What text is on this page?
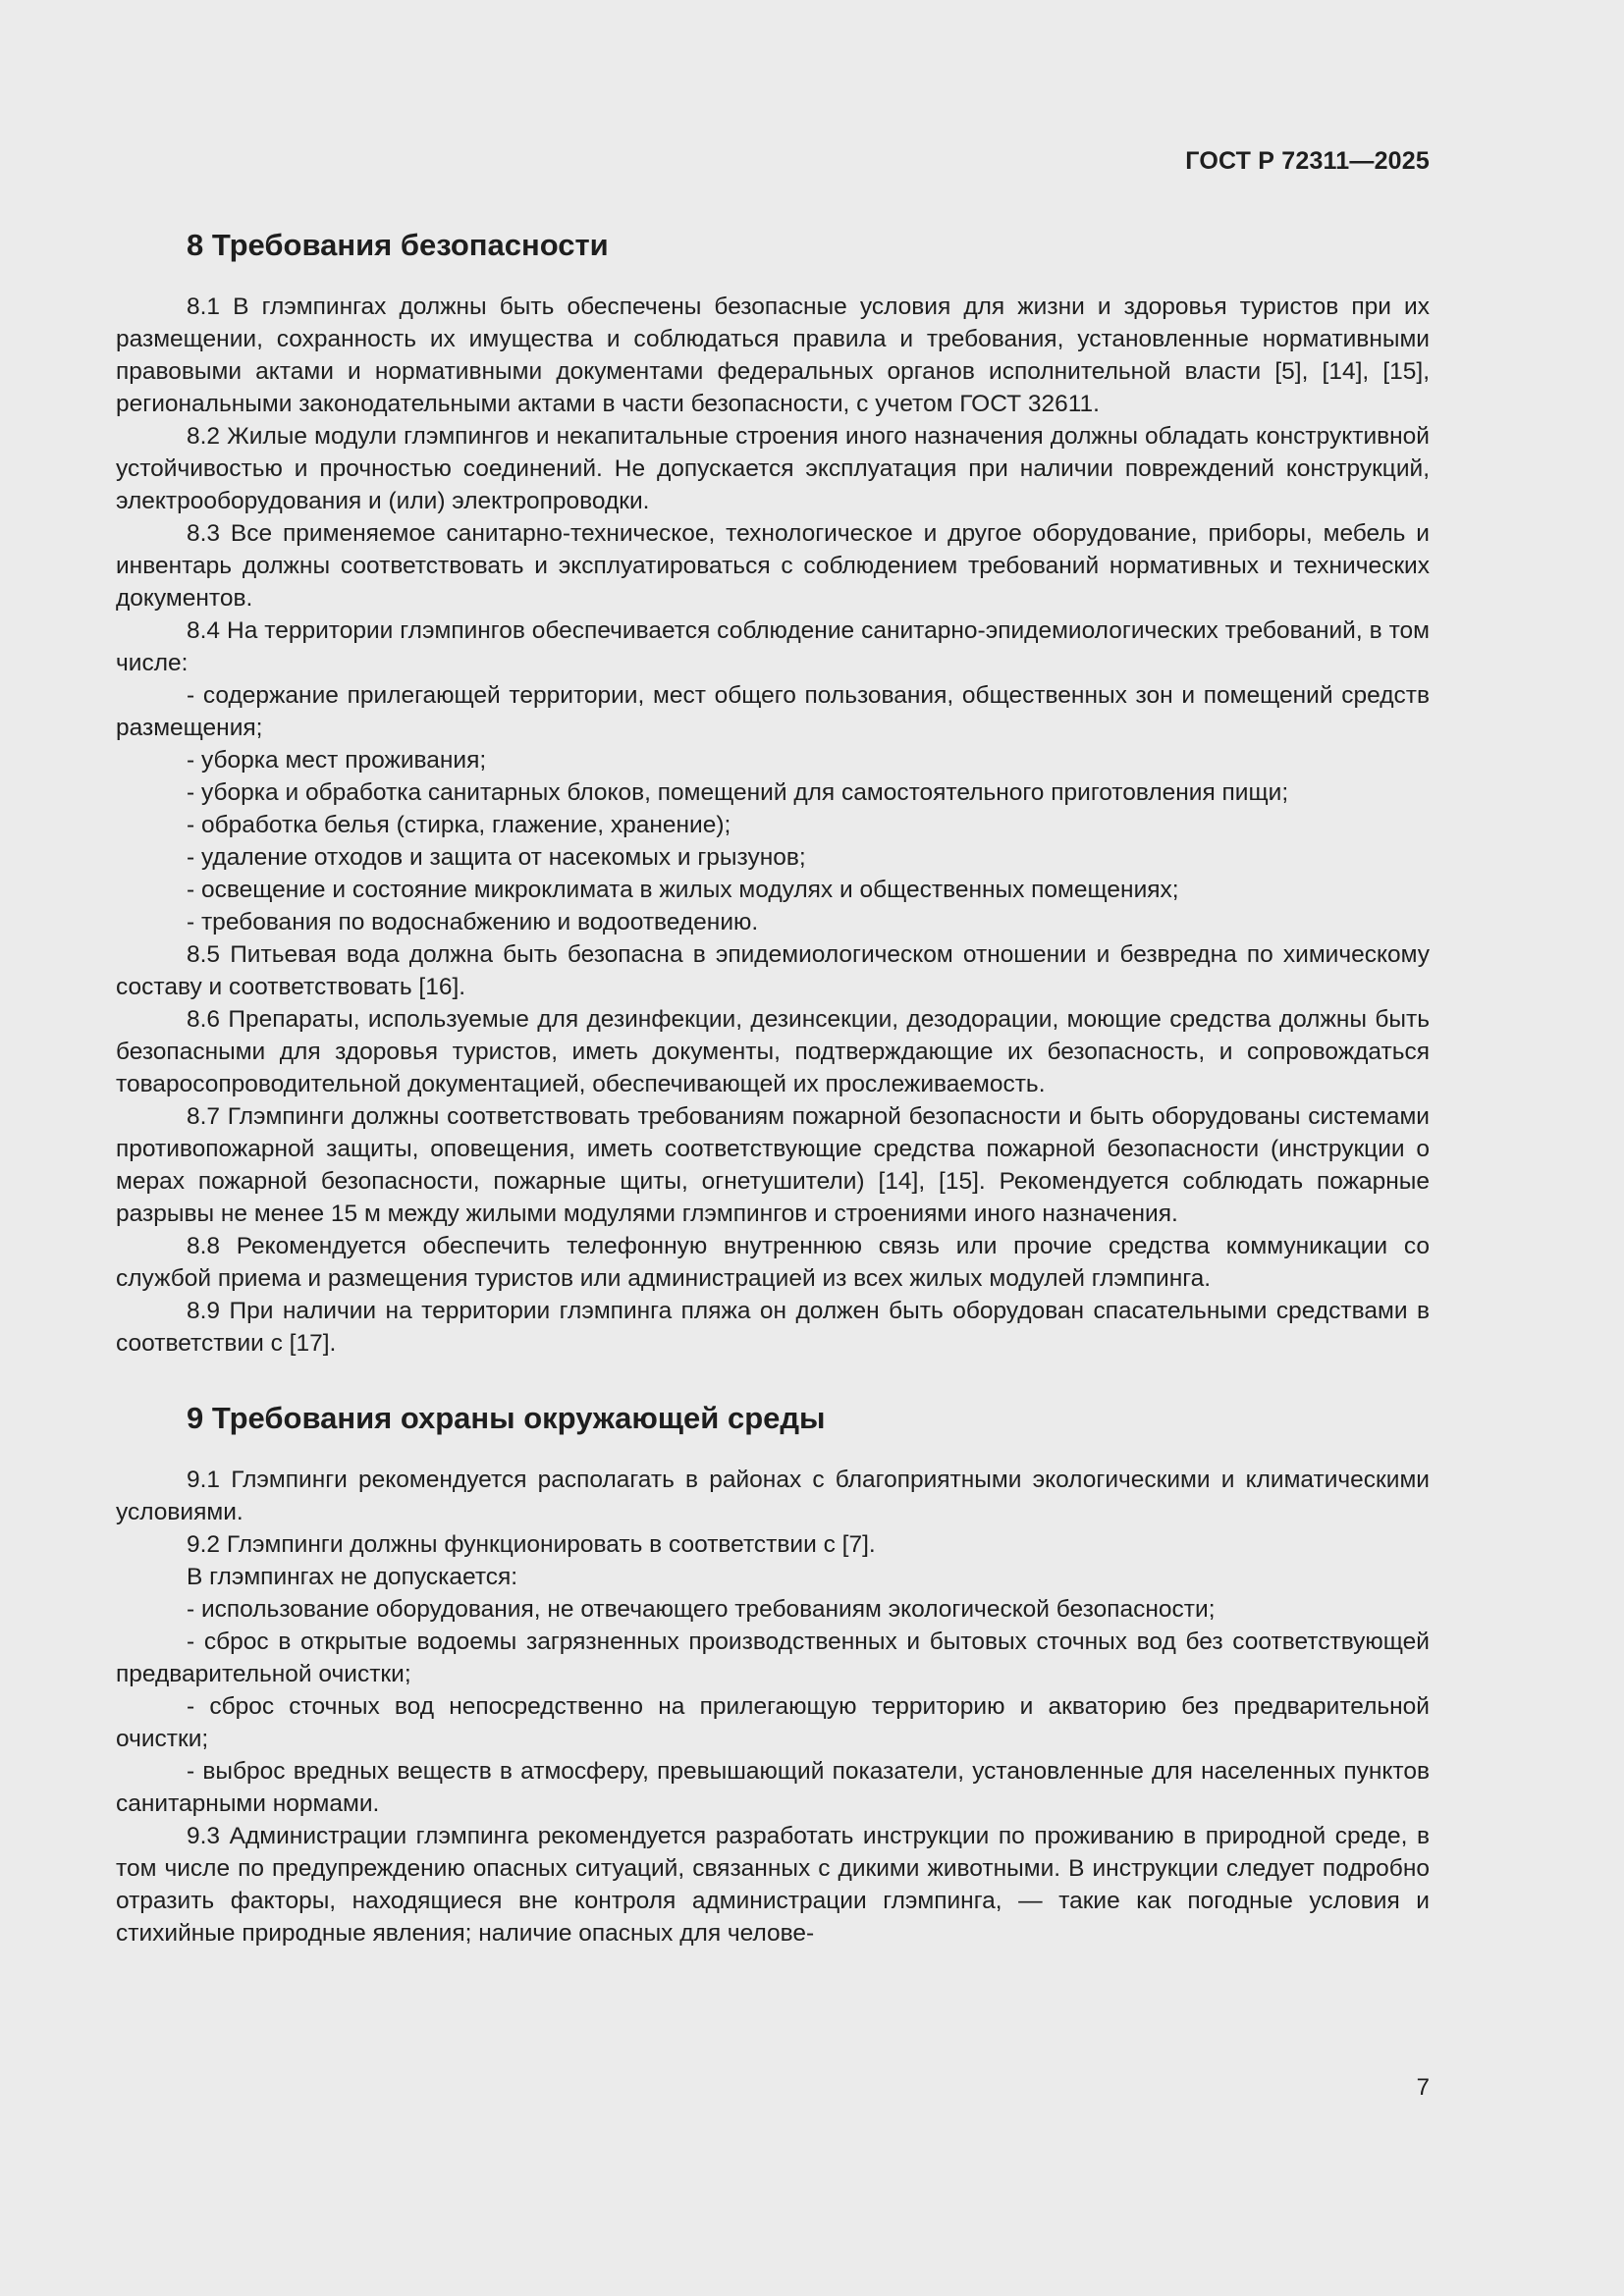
ГОСТ Р 72311—2025
8 Требования безопасности

8.1 В глэмпингах должны быть обеспечены безопасные условия для жизни и здоровья туристов при их размещении, сохранность их имущества и соблюдаться правила и требования, установленные нормативными правовыми актами и нормативными документами федеральных органов исполнительной власти [5], [14], [15], региональными законодательными актами в части безопасности, с учетом ГОСТ 32611.

8.2 Жилые модули глэмпингов и некапитальные строения иного назначения должны обладать конструктивной устойчивостью и прочностью соединений. Не допускается эксплуатация при наличии повреждений конструкций, электрооборудования и (или) электропроводки.

8.3 Все применяемое санитарно-техническое, технологическое и другое оборудование, приборы, мебель и инвентарь должны соответствовать и эксплуатироваться с соблюдением требований нормативных и технических документов.

8.4 На территории глэмпингов обеспечивается соблюдение санитарно-эпидемиологических требований, в том числе:

- содержание прилегающей территории, мест общего пользования, общественных зон и помещений средств размещения;

- уборка мест проживания;

- уборка и обработка санитарных блоков, помещений для самостоятельного приготовления пищи;

- обработка белья (стирка, глажение, хранение);

- удаление отходов и защита от насекомых и грызунов;

- освещение и состояние микроклимата в жилых модулях и общественных помещениях;

- требования по водоснабжению и водоотведению.

8.5 Питьевая вода должна быть безопасна в эпидемиологическом отношении и безвредна по химическому составу и соответствовать [16].

8.6 Препараты, используемые для дезинфекции, дезинсекции, дезодорации, моющие средства должны быть безопасными для здоровья туристов, иметь документы, подтверждающие их безопасность, и сопровождаться товаросопроводительной документацией, обеспечивающей их прослеживаемость.

8.7 Глэмпинги должны соответствовать требованиям пожарной безопасности и быть оборудованы системами противопожарной защиты, оповещения, иметь соответствующие средства пожарной безопасности (инструкции о мерах пожарной безопасности, пожарные щиты, огнетушители) [14], [15]. Рекомендуется соблюдать пожарные разрывы не менее 15 м между жилыми модулями глэмпингов и строениями иного назначения.

8.8 Рекомендуется обеспечить телефонную внутреннюю связь или прочие средства коммуникации со службой приема и размещения туристов или администрацией из всех жилых модулей глэмпинга.

8.9 При наличии на территории глэмпинга пляжа он должен быть оборудован спасательными средствами в соответствии с [17].

9 Требования охраны окружающей среды

9.1 Глэмпинги рекомендуется располагать в районах с благоприятными экологическими и климатическими условиями.

9.2 Глэмпинги должны функционировать в соответствии с [7].

В глэмпингах не допускается:

- использование оборудования, не отвечающего требованиям экологической безопасности;

- сброс в открытые водоемы загрязненных производственных и бытовых сточных вод без соответствующей предварительной очистки;

- сброс сточных вод непосредственно на прилегающую территорию и акваторию без предварительной очистки;

- выброс вредных веществ в атмосферу, превышающий показатели, установленные для населенных пунктов санитарными нормами.

9.3 Администрации глэмпинга рекомендуется разработать инструкции по проживанию в природной среде, в том числе по предупреждению опасных ситуаций, связанных с дикими животными. В инструкции следует подробно отразить факторы, находящиеся вне контроля администрации глэмпинга, — такие как погодные условия и стихийные природные явления; наличие опасных для челове-

7
